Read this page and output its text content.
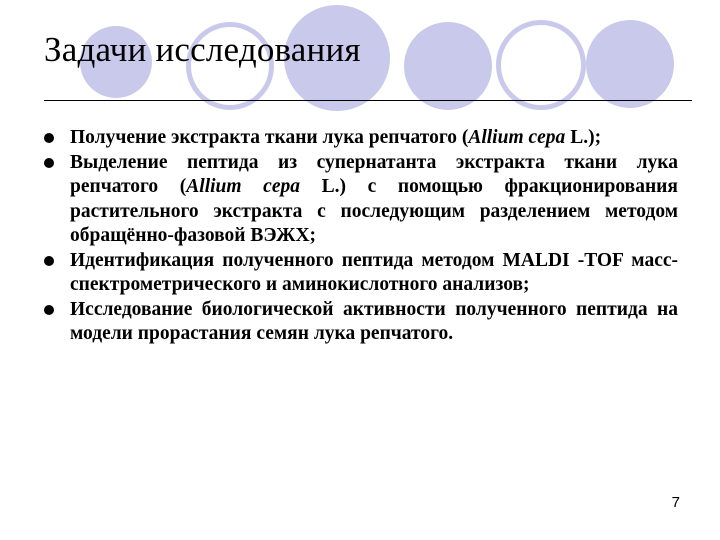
Задачи исследования
Получение экстракта ткани лука репчатого (Allium cepa L.);
Выделение пептида из супернатанта экстракта ткани лука репчатого (Allium cepa L.) с помощью фракционирования растительного экстракта с последующим разделением методом обращённо-фазовой ВЭЖХ;
Идентификация полученного пептида методом MALDI -TOF масс-спектрометрического и аминокислотного анализов;
Исследование биологической активности полученного пептида на модели прорастания семян лука репчатого.
7
